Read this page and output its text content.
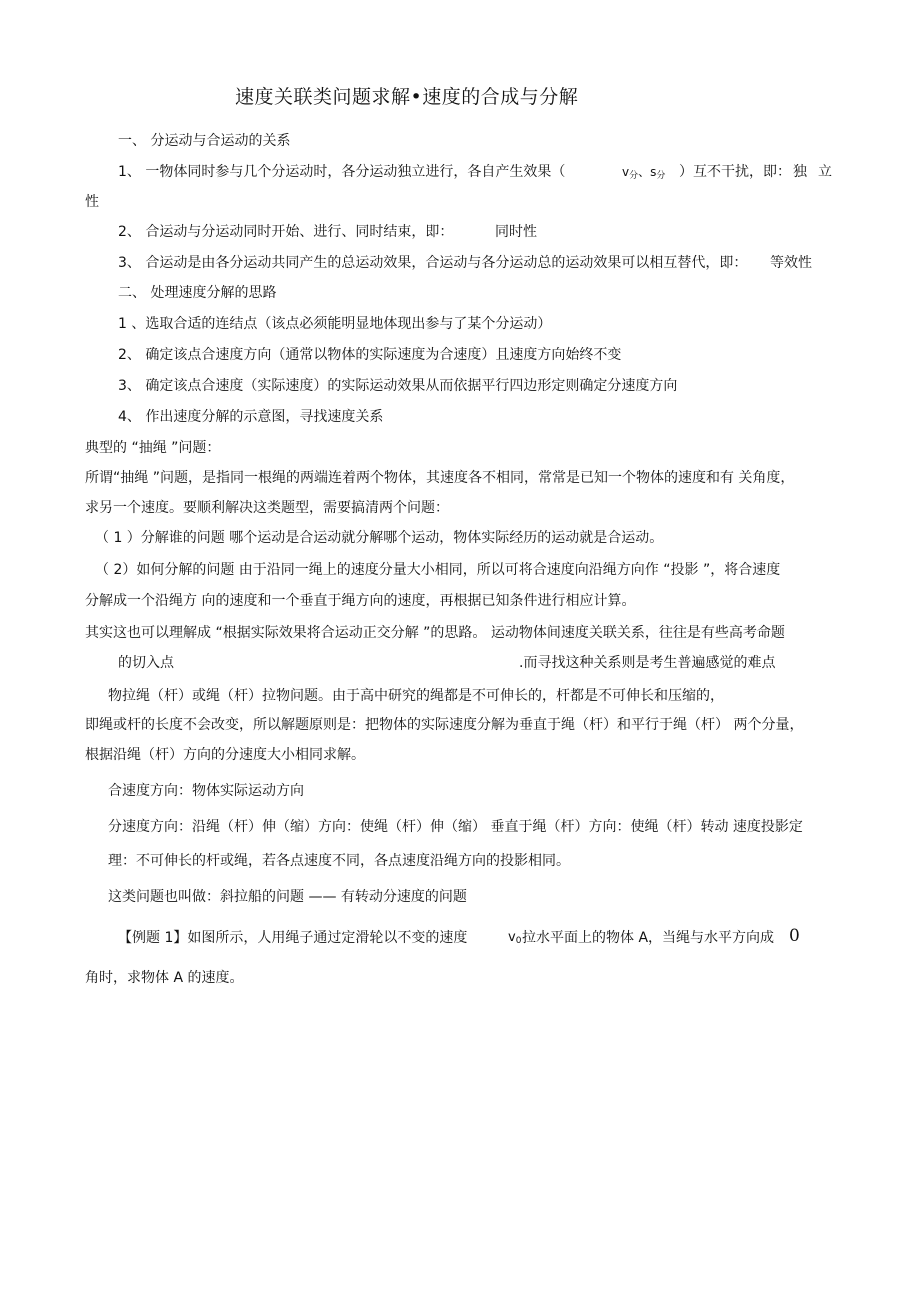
速度关联类问题求解•速度的合成与分解
一、 分运动与合运动的关系
1、 一物体同时参与几个分运动时，各分运动独立进行，各自产生效果（	$v_分$、$s_分$ ）互不干扰，即： 独 立
性
2、 合运动与分运动同时开始、进行、同时结束，即：	同时性
3、 合运动是由各分运动共同产生的总运动效果，合运动与各分运动总的运动效果可以相互替代，即： 等效性
二、 处理速度分解的思路
1 、选取合适的连结点（该点必须能明显地体现出参与了某个分运动）
2、 确定该点合速度方向（通常以物体的实际速度为合速度）且速度方向始终不变
3、 确定该点合速度（实际速度）的实际运动效果从而依据平行四边形定则确定分速度方向
4、 作出速度分解的示意图，寻找速度关系
典型的 “抽绳 ”问题：
所谓“抽绳 ”问题，是指同一根绳的两端连着两个物体，其速度各不相同，常常是已知一个物体的速度和有 关角度，
求另一个速度。要顺利解决这类题型，需要搞清两个问题：
（ 1 ）分解谁的问题 哪个运动是合运动就分解哪个运动，物体实际经历的运动就是合运动。
（ 2）如何分解的问题 由于沿同一绳上的速度分量大小相同，所以可将合速度向沿绳方向作 “投影 ”，将合速度
分解成一个沿绳方 向的速度和一个垂直于绳方向的速度，再根据已知条件进行相应计算。
其实这也可以理解成 “根据实际效果将合运动正交分解 ”的思路。 运动物体间速度关联关系，往往是有些高考命题
的切入点	.而寻找这种关系则是考生普遍感觉的难点
物拉绳（杆）或绳（杆）拉物问题。由于高中研究的绳都是不可伸长的，杆都是不可伸长和压缩的，
即绳或杆的长度不会改变，所以解题原则是：把物体的实际速度分解为垂直于绳（杆）和平行于绳（杆） 两个分量，
根据沿绳（杆）方向的分速度大小相同求解。
合速度方向：物体实际运动方向
分速度方向：沿绳（杆）伸（缩）方向：使绳（杆）伸（缩） 垂直于绳（杆）方向：使绳（杆）转动 速度投影定
理：不可伸长的杆或绳，若各点速度不同，各点速度沿绳方向的投影相同。
这类问题也叫做：斜拉船的问题 —— 有转动分速度的问题
【例题 1】如图所示，人用绳子通过定滑轮以不变的速度	$v_0$ 拉水平面上的物体 A，当绳与水平方向成 0
角时，求物体 A 的速度。
